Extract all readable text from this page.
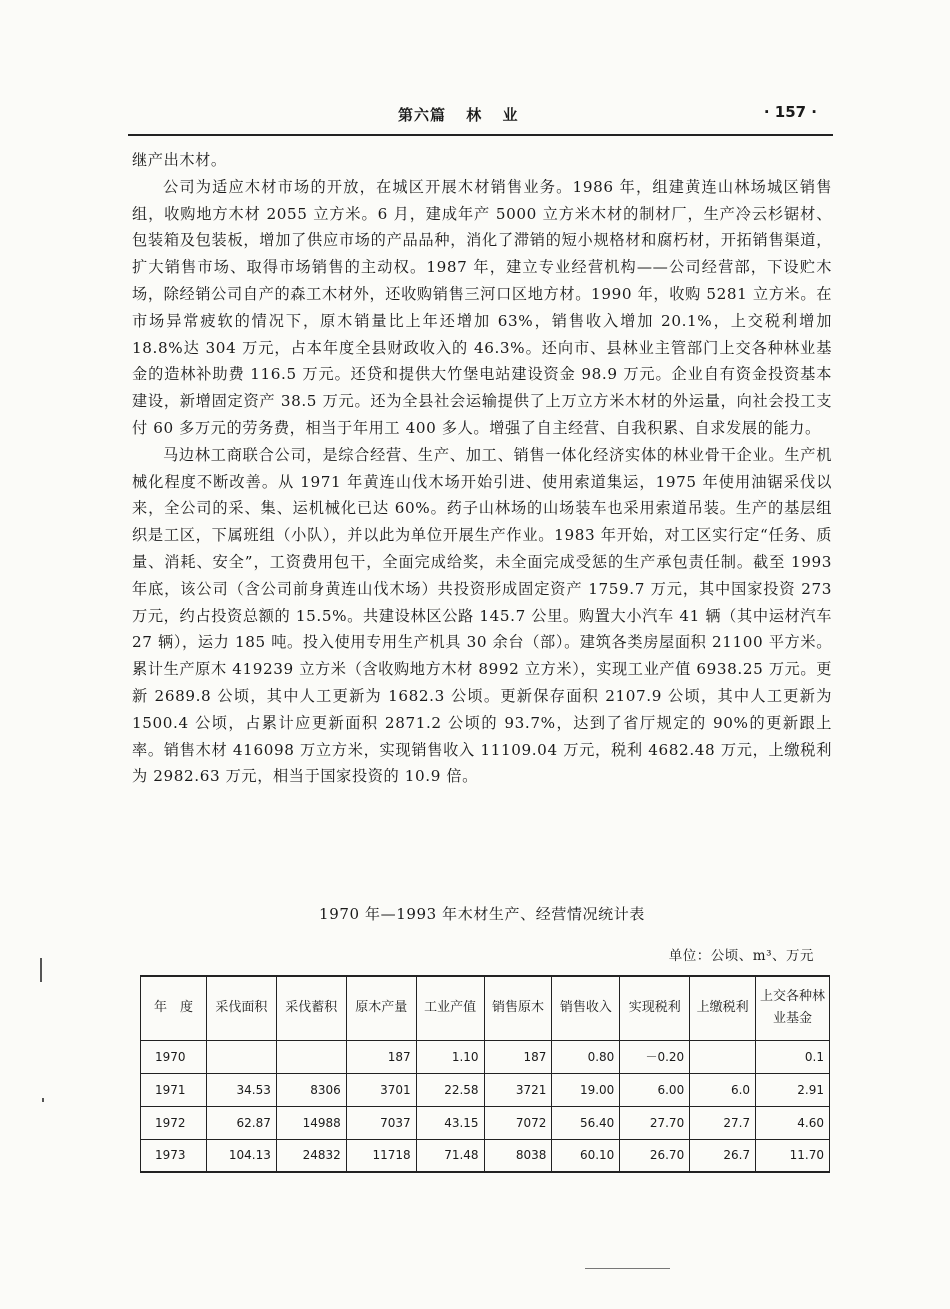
第六篇 林 业	· 157 ·

继产出木材。

公司为适应木材市场的开放，在城区开展木材销售业务。1986 年，组建黄连山林场城区销售组，收购地方木材 2055 立方米。6 月，建成年产 5000 立方米木材的制材厂，生产冷云杉锯材、包装箱及包装板，增加了供应市场的产品品种，消化了滞销的短小规格材和腐朽材，开拓销售渠道，扩大销售市场、取得市场销售的主动权。1987 年，建立专业经营机构——公司经营部，下设贮木场，除经销公司自产的森工木材外，还收购销售三河口区地方材。1990 年，收购 5281 立方米。在市场异常疲软的情况下，原木销量比上年还增加 63%，销售收入增加 20.1%，上交税利增加 18.8%达 304 万元，占本年度全县财政收入的 46.3%。还向市、县林业主管部门上交各种林业基金的造林补助费 116.5 万元。还贷和提供大竹堡电站建设资金 98.9 万元。企业自有资金投资基本建设，新增固定资产 38.5 万元。还为全县社会运输提供了上万立方米木材的外运量，向社会投工支付 60 多万元的劳务费，相当于年用工 400 多人。增强了自主经营、自我积累、自求发展的能力。

马边林工商联合公司，是综合经营、生产、加工、销售一体化经济实体的林业骨干企业。生产机械化程度不断改善。从 1971 年黄连山伐木场开始引进、使用索道集运，1975 年使用油锯采伐以来，全公司的采、集、运机械化已达 60%。药子山林场的山场装车也采用索道吊装。生产的基层组织是工区，下属班组（小队），并以此为单位开展生产作业。1983 年开始，对工区实行定“任务、质量、消耗、安全”，工资费用包干，全面完成给奖，未全面完成受惩的生产承包责任制。截至 1993 年底，该公司（含公司前身黄连山伐木场）共投资形成固定资产 1759.7 万元，其中国家投资 273 万元，约占投资总额的 15.5%。共建设林区公路 145.7 公里。购置大小汽车 41 辆（其中运材汽车 27 辆），运力 185 吨。投入使用专用生产机具 30 余台（部）。建筑各类房屋面积 21100 平方米。累计生产原木 419239 立方米（含收购地方木材 8992 立方米），实现工业产值 6938.25 万元。更新 2689.8 公顷，其中人工更新为 1682.3 公顷。更新保存面积 2107.9 公顷，其中人工更新为 1500.4 公顷，占累计应更新面积 2871.2 公顷的 93.7%，达到了省厅规定的 90%的更新跟上率。销售木材 416098 万立方米，实现销售收入 11109.04 万元，税利 4682.48 万元，上缴税利为 2982.63 万元，相当于国家投资的 10.9 倍。

1970 年—1993 年木材生产、经营情况统计表
单位：公顷、m³、万元
年　度	采伐面积	采伐蓄积	原木产量	工业产值	销售原木	销售收入	实现税利	上缴税利	上交各种林业基金
1970			187	1.10	187	0.80	－0.20		0.1
1971	34.53	8306	3701	22.58	3721	19.00	6.00	6.0	2.91
1972	62.87	14988	7037	43.15	7072	56.40	27.70	27.7	4.60
1973	104.13	24832	11718	71.48	8038	60.10	26.70	26.7	11.70
